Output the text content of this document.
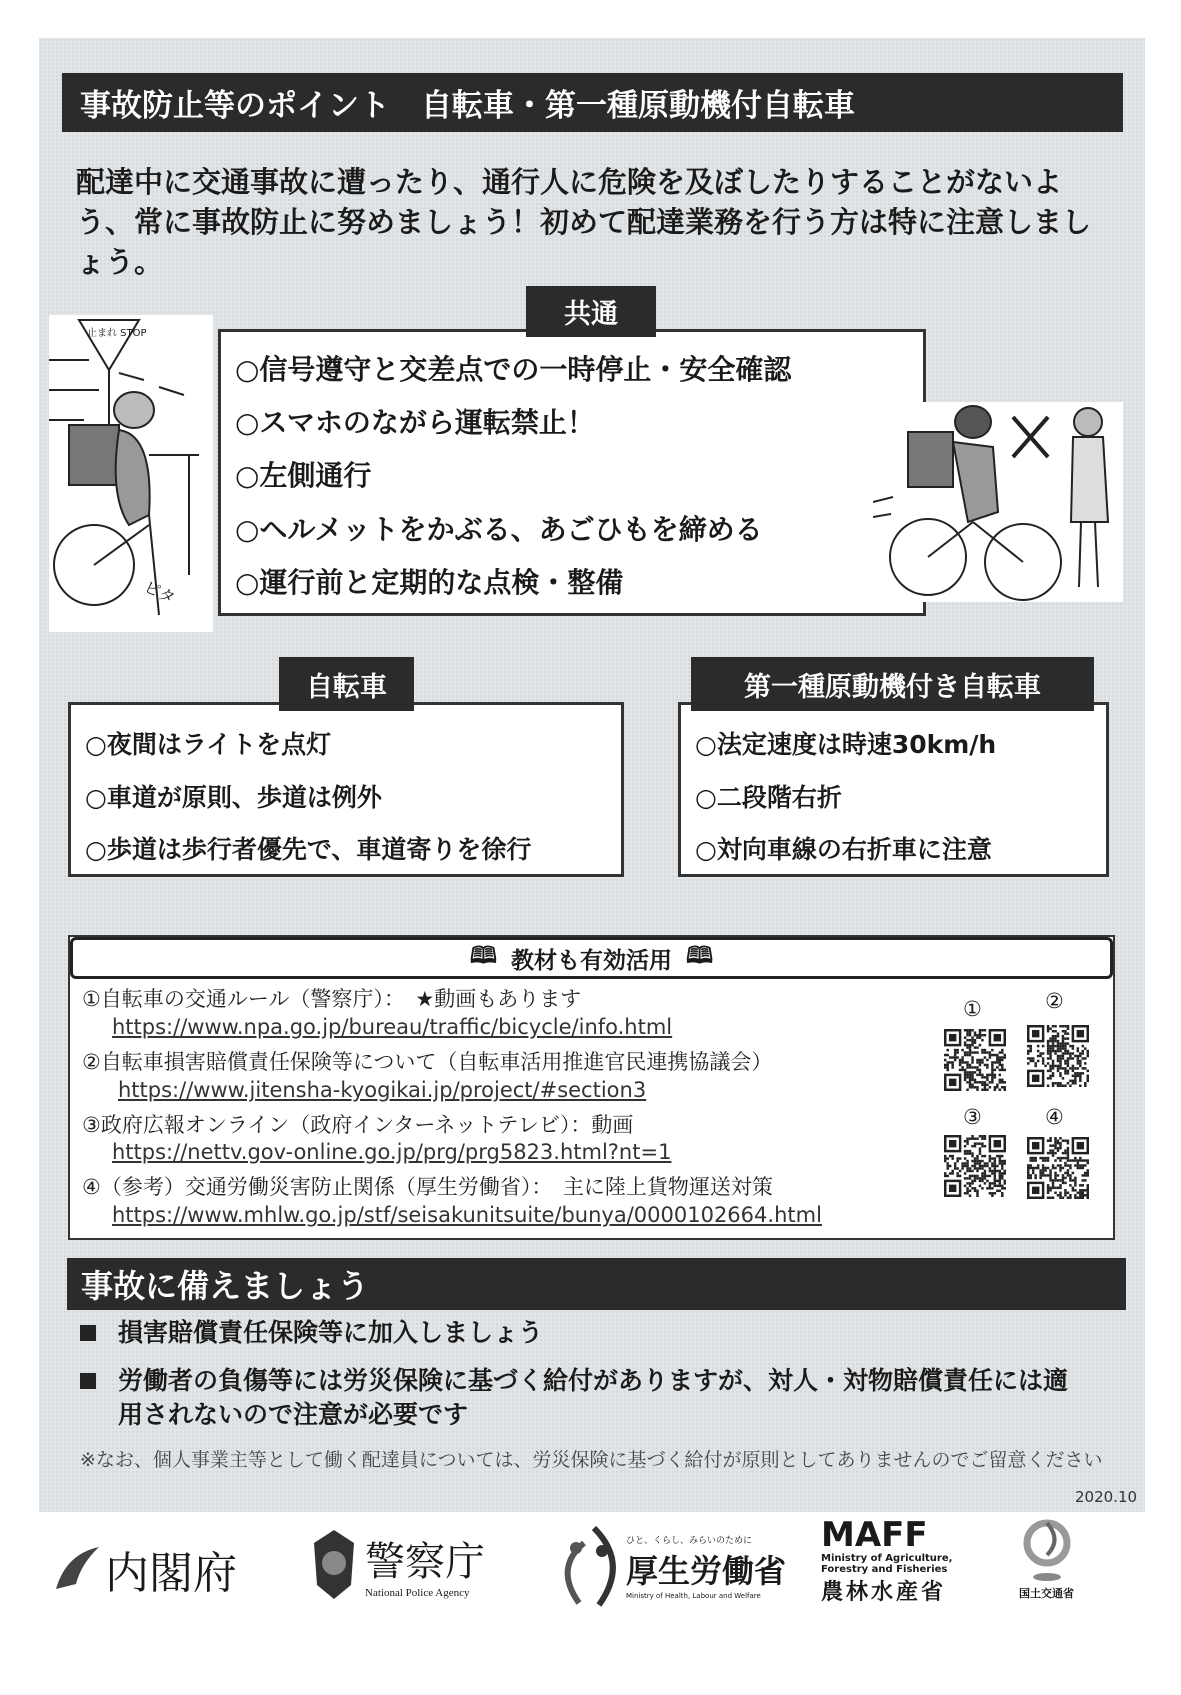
事故防止等のポイント　自転車・第一種原動機付自転車
配達中に交通事故に遭ったり、通行人に危険を及ぼしたりすることがないよう、常に事故防止に努めましょう！初めて配達業務を行う方は特に注意しましょう。
止まれ STOP
ピタ
共通
○信号遵守と交差点での一時停止・安全確認
○スマホのながら運転禁止！
○左側通行
○ヘルメットをかぶる、あごひもを締める
○運行前と定期的な点検・整備
自転車
○夜間はライトを点灯
○車道が原則、歩道は例外
○歩道は歩行者優先で、車道寄りを徐行
第一種原動機付き自転車
○法定速度は時速30km/h
○二段階右折
○対向車線の右折車に注意
🕮 教材も有効活用 🕮
①自転車の交通ルール（警察庁）：　★動画もあります
https://www.npa.go.jp/bureau/traffic/bicycle/info.html
②自転車損害賠償責任保険等について（自転車活用推進官民連携協議会）
https://www.jitensha-kyogikai.jp/project/#section3
③政府広報オンライン（政府インターネットテレビ）：動画
https://nettv.gov-online.go.jp/prg/prg5823.html?nt=1
④（参考）交通労働災害防止関係（厚生労働省）：　主に陸上貨物運送対策
https://www.mhlw.go.jp/stf/seisakunitsuite/bunya/0000102664.html
①	②
③	④
事故に備えましょう
損害賠償責任保険等に加入しましょう
労働者の負傷等には労災保険に基づく給付がありますが、対人・対物賠償責任には適用されないので注意が必要です
※なお、個人事業主等として働く配達員については、労災保険に基づく給付が原則としてありませんのでご留意ください
2020.10
内閣府	警察庁
National Police Agency
ひと、くらし、みらいのために
厚生労働省
Ministry of Health, Labour and Welfare
MAFF
Ministry of Agriculture,
Forestry and Fisheries
農林水産省	国土交通省
